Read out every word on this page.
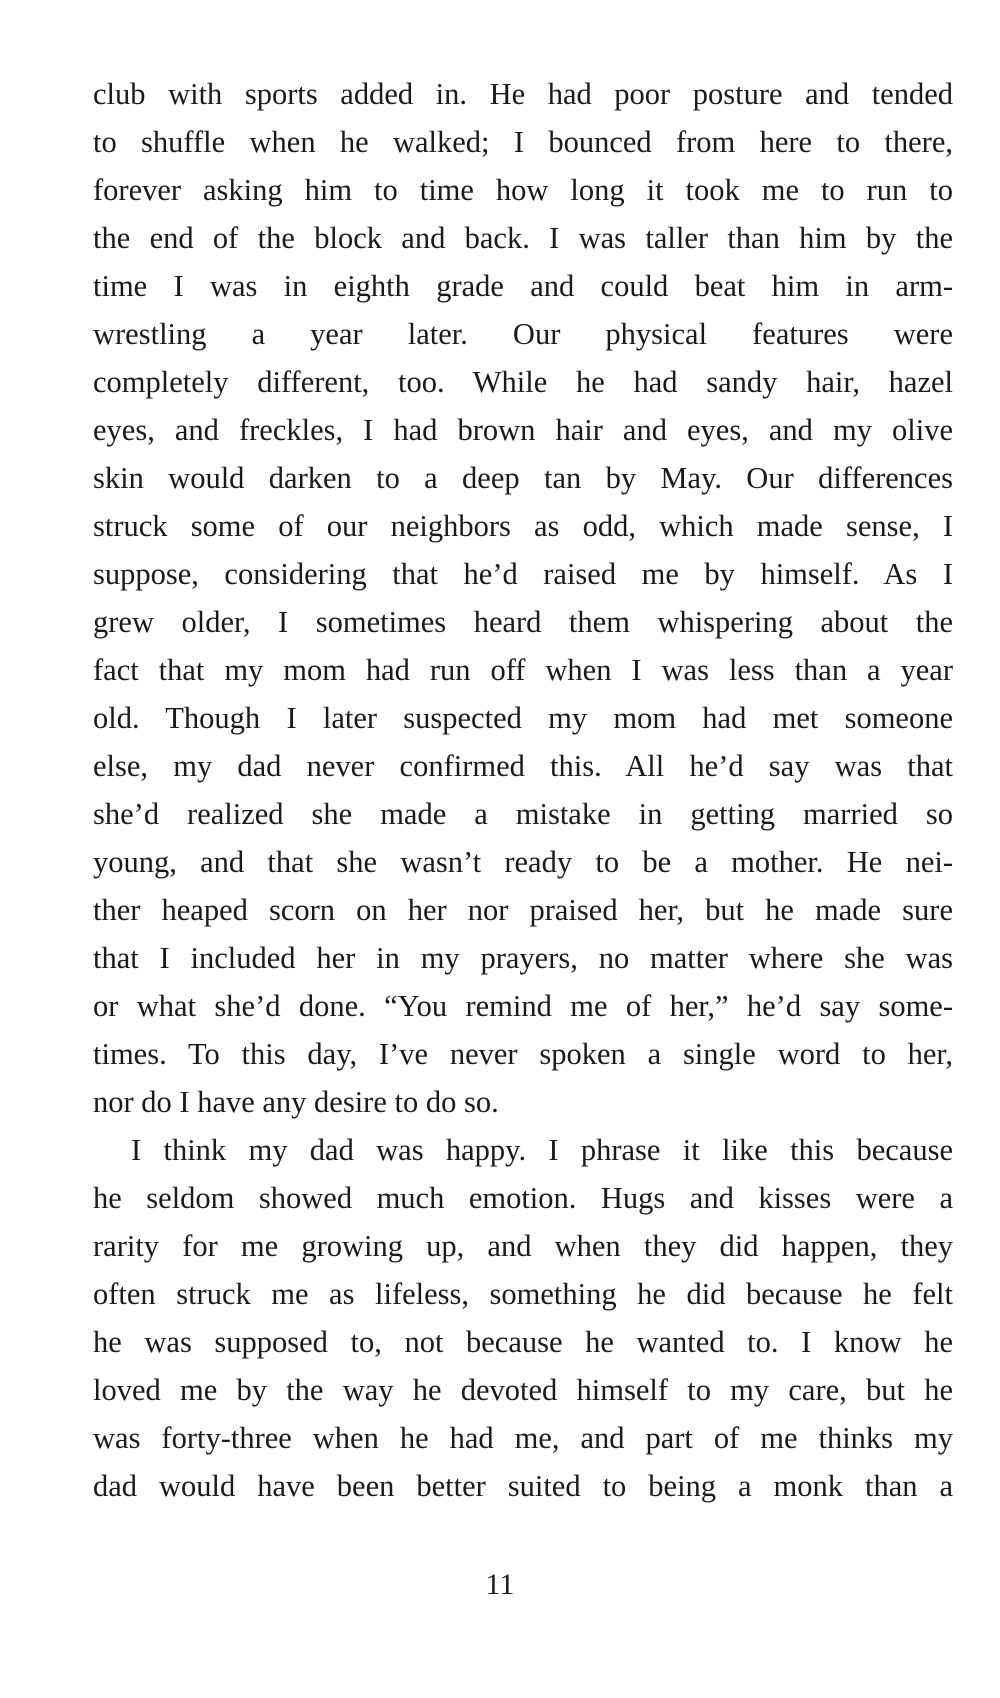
club with sports added in. He had poor posture and tended
to shuffle when he walked; I bounced from here to there,
forever asking him to time how long it took me to run to
the end of the block and back. I was taller than him by the
time I was in eighth grade and could beat him in arm-
wrestling a year later. Our physical features were
completely different, too. While he had sandy hair, hazel
eyes, and freckles, I had brown hair and eyes, and my olive
skin would darken to a deep tan by May. Our differences
struck some of our neighbors as odd, which made sense, I
suppose, considering that he’d raised me by himself. As I
grew older, I sometimes heard them whispering about the
fact that my mom had run off when I was less than a year
old. Though I later suspected my mom had met someone
else, my dad never confirmed this. All he’d say was that
she’d realized she made a mistake in getting married so
young, and that she wasn’t ready to be a mother. He nei-
ther heaped scorn on her nor praised her, but he made sure
that I included her in my prayers, no matter where she was
or what she’d done. “You remind me of her,” he’d say some-
times. To this day, I’ve never spoken a single word to her,
nor do I have any desire to do so.
I think my dad was happy. I phrase it like this because
he seldom showed much emotion. Hugs and kisses were a
rarity for me growing up, and when they did happen, they
often struck me as lifeless, something he did because he felt
he was supposed to, not because he wanted to. I know he
loved me by the way he devoted himself to my care, but he
was forty-three when he had me, and part of me thinks my
dad would have been better suited to being a monk than a
11
